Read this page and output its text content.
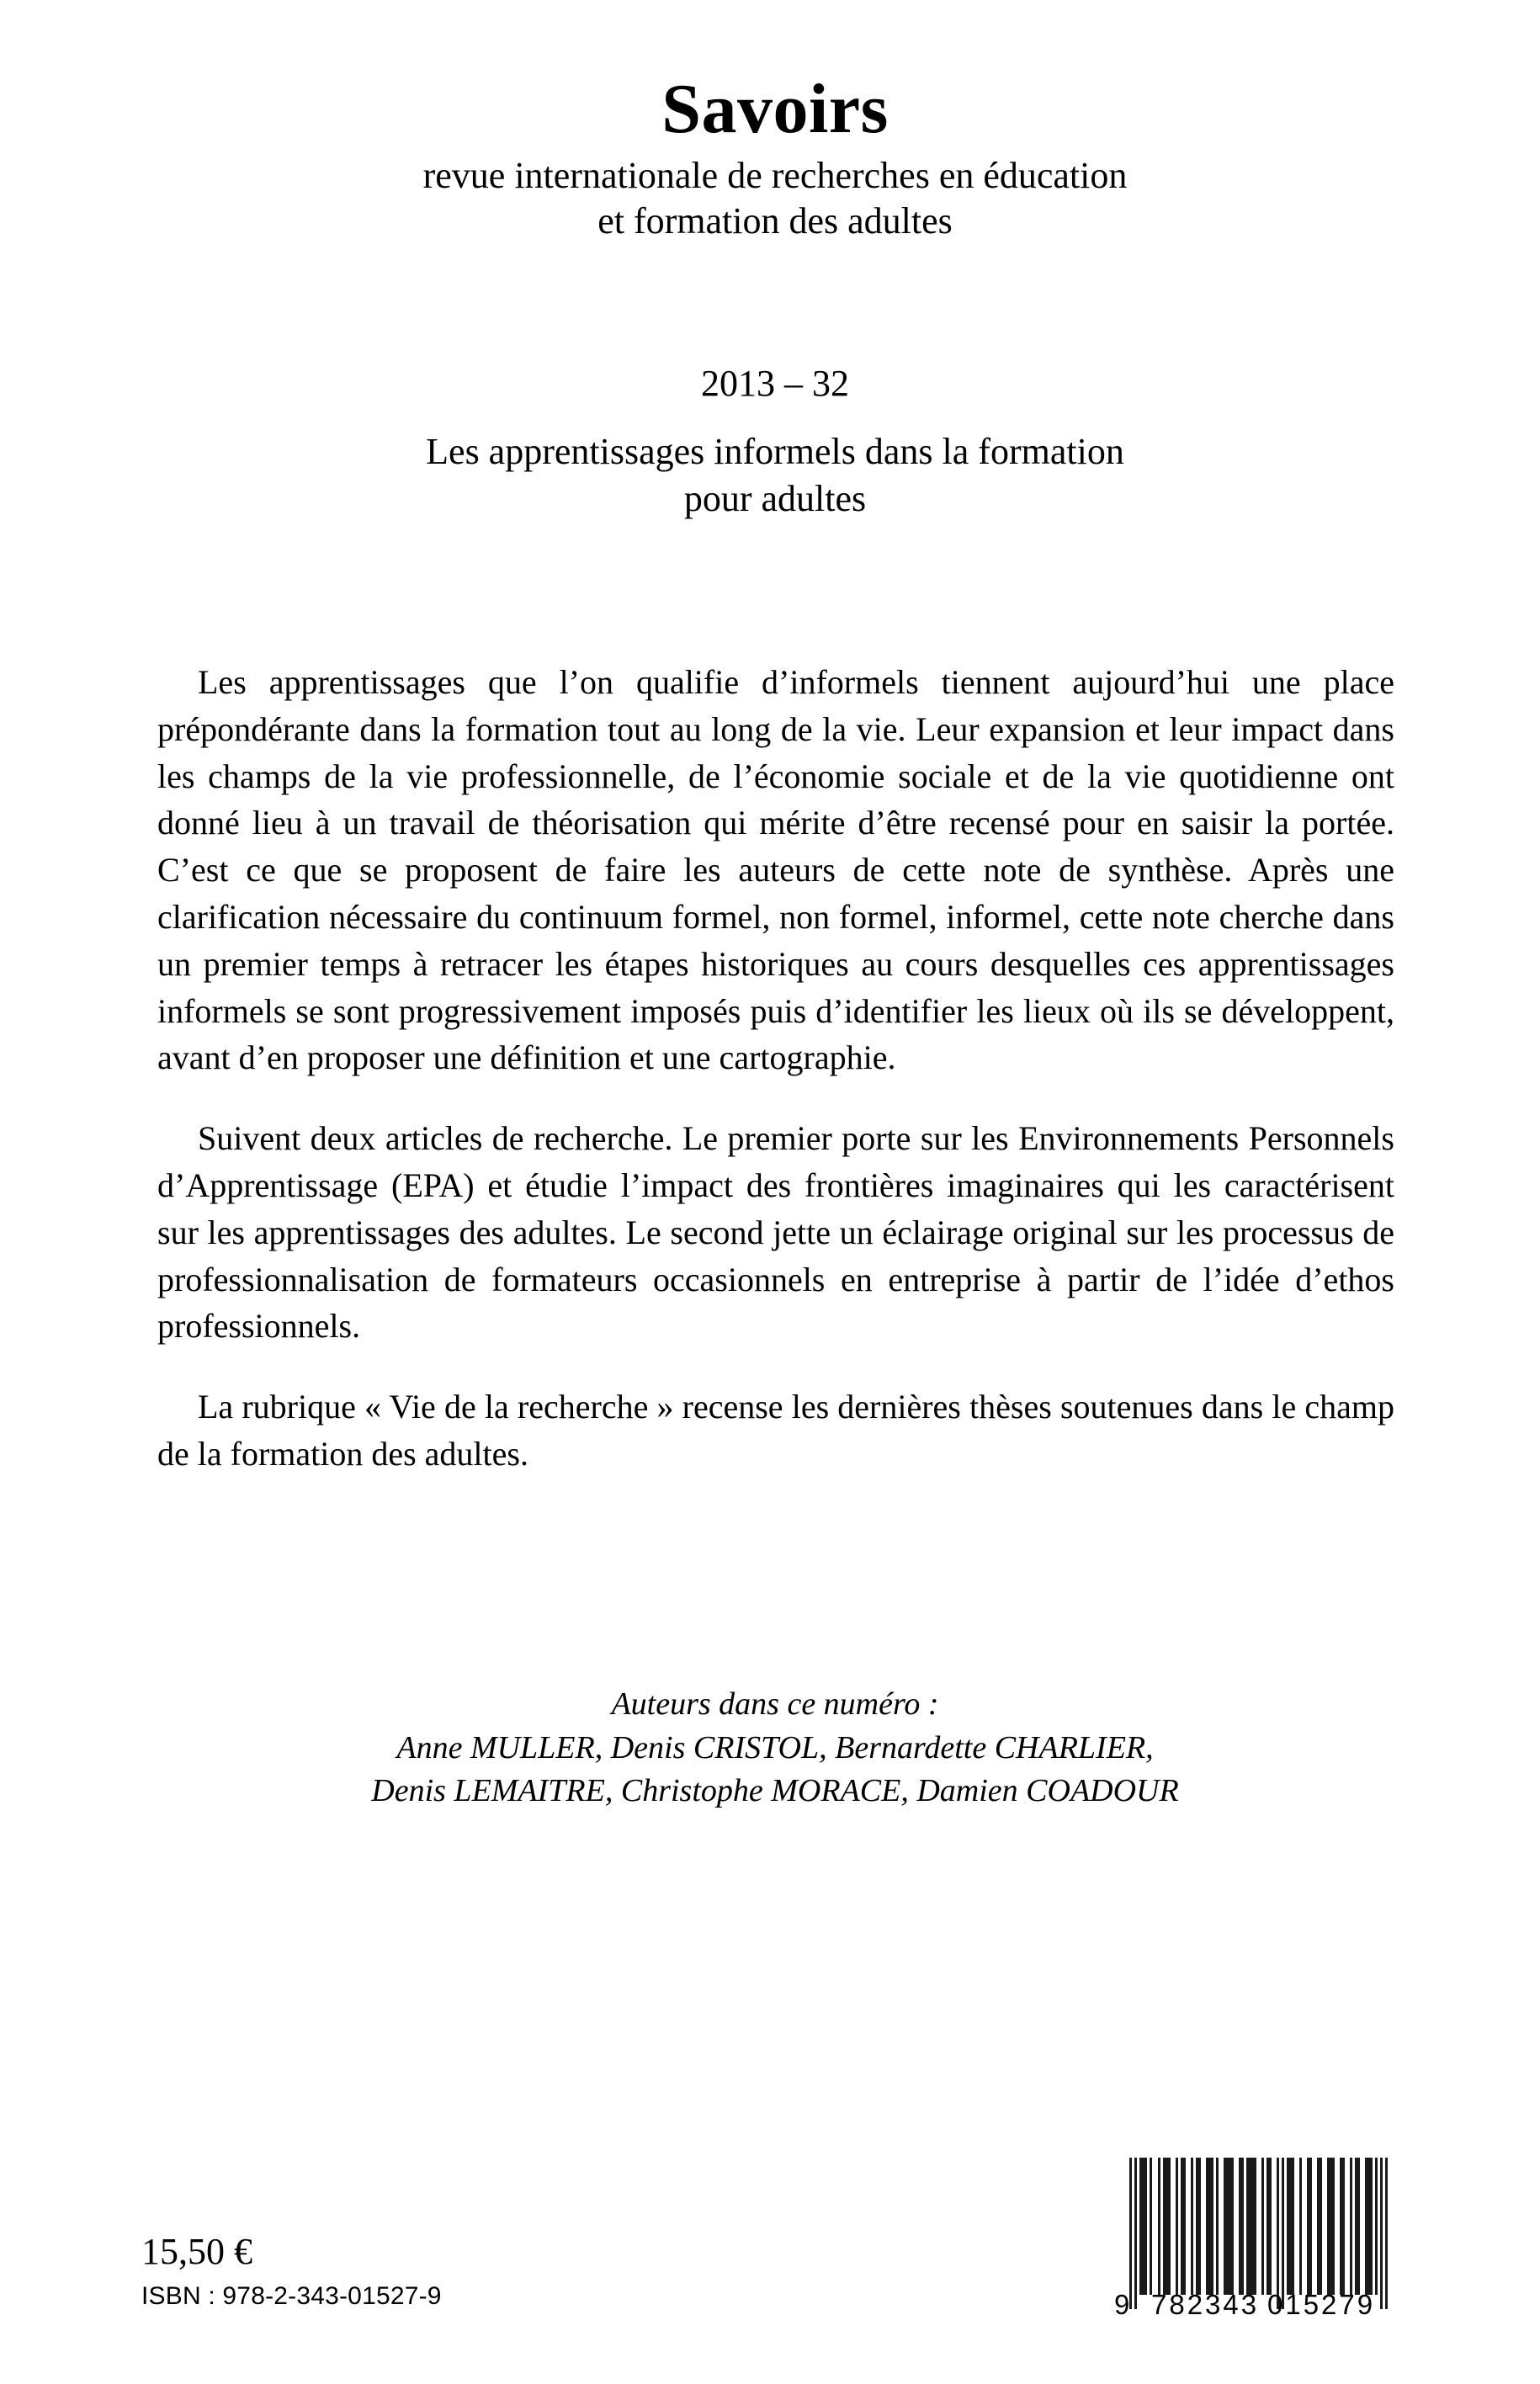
Savoirs
revue internationale de recherches en éducation
et formation des adultes
2013 – 32
Les apprentissages informels dans la formation
pour adultes

Les apprentissages que l’on qualifie d’informels tiennent aujourd’hui une place prépondérante dans la formation tout au long de la vie. Leur expansion et leur impact dans les champs de la vie professionnelle, de l’économie sociale et de la vie quotidienne ont donné lieu à un travail de théorisation qui mérite d’être recensé pour en saisir la portée. C’est ce que se proposent de faire les auteurs de cette note de synthèse. Après une clarification nécessaire du continuum formel, non formel, informel, cette note cherche dans un premier temps à retracer les étapes historiques au cours desquelles ces apprentissages informels se sont progressivement imposés puis d’identifier les lieux où ils se développent, avant d’en proposer une définition et une cartographie.

Suivent deux articles de recherche. Le premier porte sur les Environnements Personnels d’Apprentissage (EPA) et étudie l’impact des frontières imaginaires qui les caractérisent sur les apprentissages des adultes. Le second jette un éclairage original sur les processus de professionnalisation de formateurs occasionnels en entreprise à partir de l’idée d’ethos professionnels.

La rubrique « Vie de la recherche » recense les dernières thèses soutenues dans le champ de la formation des adultes.

Auteurs dans ce numéro :
Anne MULLER, Denis CRISTOL, Bernardette CHARLIER,
Denis LEMAITRE, Christophe MORACE, Damien COADOUR
15,50 €
ISBN : 978-2-343-01527-9	9 782343 015279
